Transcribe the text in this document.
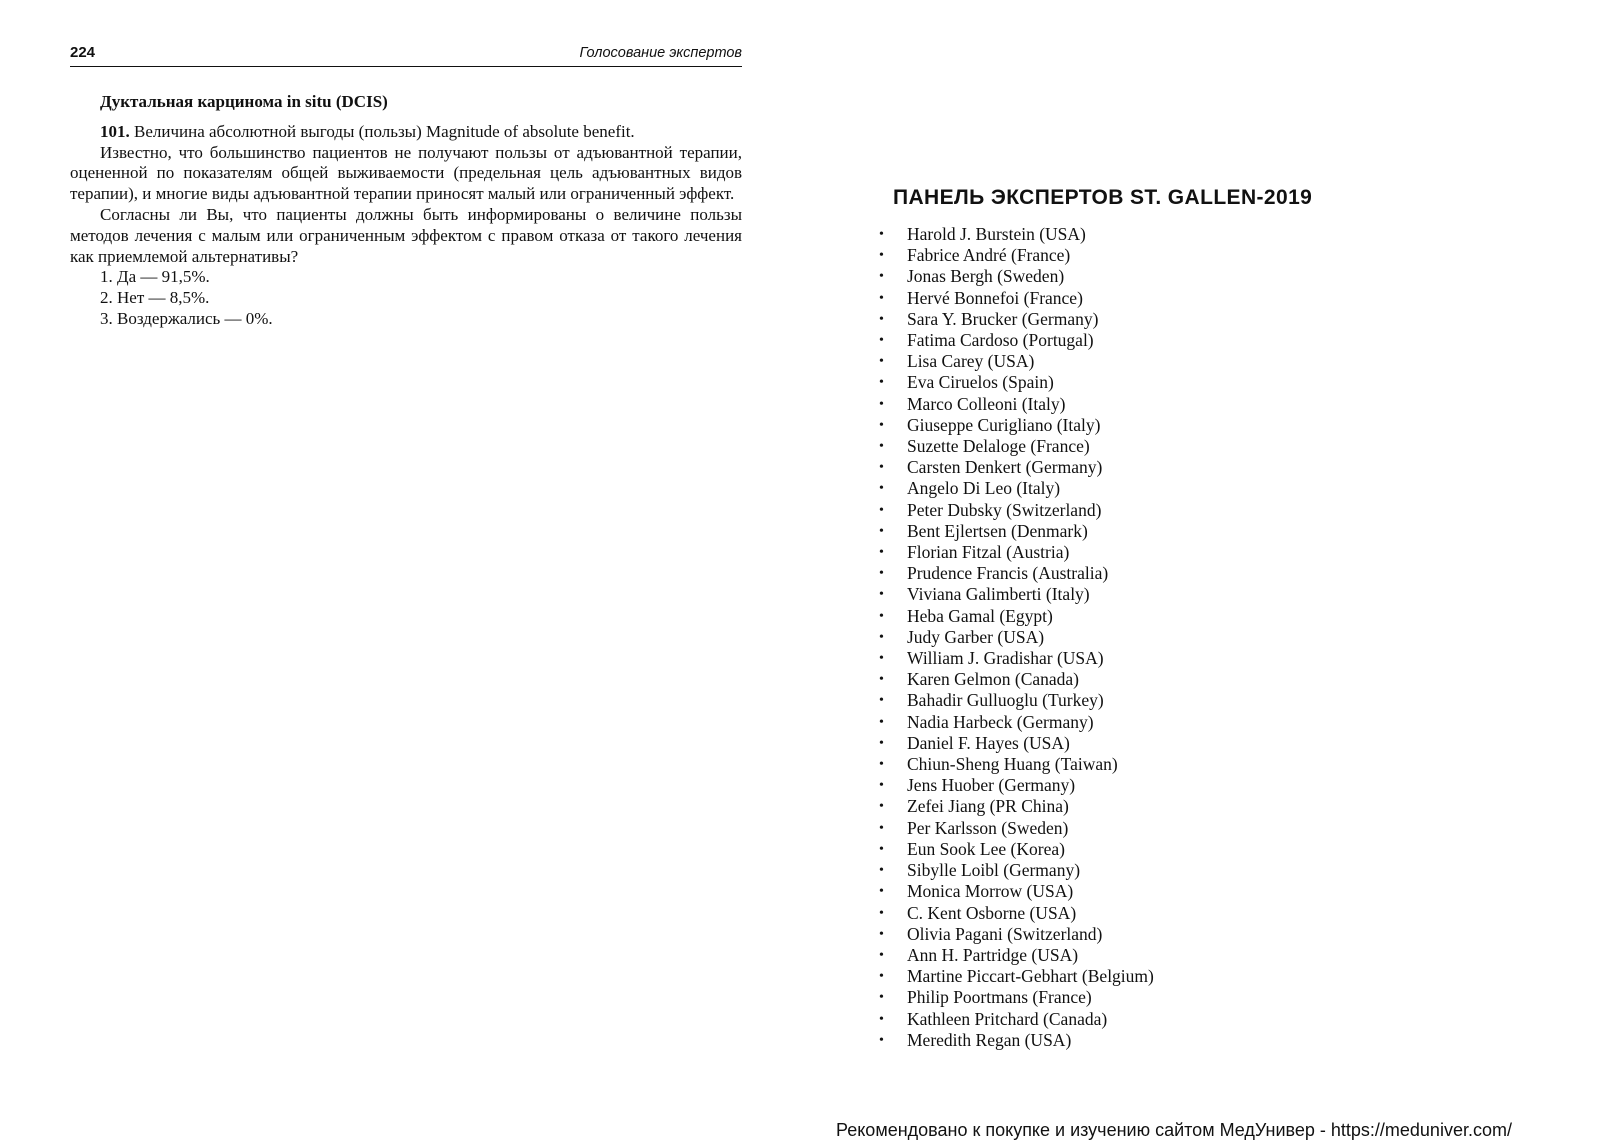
224	Голосование экспертов
Дуктальная карцинома in situ (DCIS)

101. Величина абсолютной выгоды (пользы) Magnitude of absolute benefit.

Известно, что большинство пациентов не получают пользы от адъювантной терапии, оцененной по показателям общей выживаемости (предельная цель адъювантных видов терапии), и многие виды адъювантной терапии приносят малый или ограниченный эффект.

Согласны ли Вы, что пациенты должны быть информированы о величине пользы методов лечения с малым или ограниченным эффектом с правом отказа от такого лечения как приемлемой альтернативы?

1. Да — 91,5%.
2. Нет — 8,5%.
3. Воздержались — 0%.
ПАНЕЛЬ ЭКСПЕРТОВ ST. GALLEN-2019
• Harold J. Burstein (USA)
• Fabrice André (France)
• Jonas Bergh (Sweden)
• Hervé Bonnefoi (France)
• Sara Y. Brucker (Germany)
• Fatima Cardoso (Portugal)
• Lisa Carey (USA)
• Eva Ciruelos (Spain)
• Marco Colleoni (Italy)
• Giuseppe Curigliano (Italy)
• Suzette Delaloge (France)
• Carsten Denkert (Germany)
• Angelo Di Leo (Italy)
• Peter Dubsky (Switzerland)
• Bent Ejlertsen (Denmark)
• Florian Fitzal (Austria)
• Prudence Francis (Australia)
• Viviana Galimberti (Italy)
• Heba Gamal (Egypt)
• Judy Garber (USA)
• William J. Gradishar (USA)
• Karen Gelmon (Canada)
• Bahadir Gulluoglu (Turkey)
• Nadia Harbeck (Germany)
• Daniel F. Hayes (USA)
• Chiun-Sheng Huang (Taiwan)
• Jens Huober (Germany)
• Zefei Jiang (PR China)
• Per Karlsson (Sweden)
• Eun Sook Lee (Korea)
• Sibylle Loibl (Germany)
• Monica Morrow (USA)
• C. Kent Osborne (USA)
• Olivia Pagani (Switzerland)
• Ann H. Partridge (USA)
• Martine Piccart-Gebhart (Belgium)
• Philip Poortmans (France)
• Kathleen Pritchard (Canada)
• Meredith Regan (USA)
Рекомендовано к покупке и изучению сайтом МедУнивер - https://meduniver.com/
